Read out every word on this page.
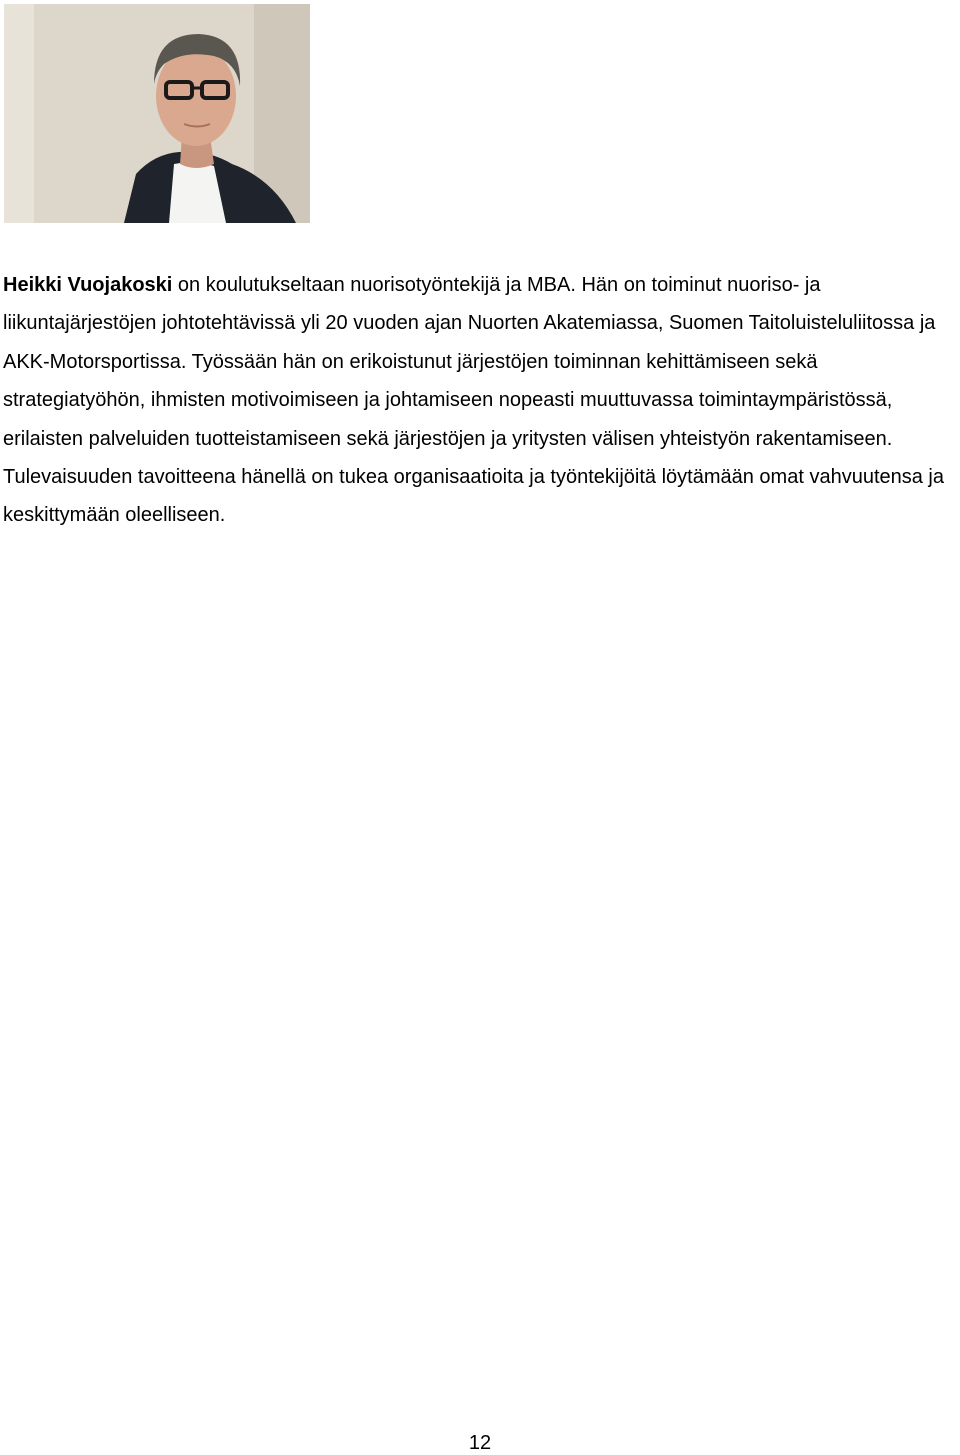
Heikki Vuojakoski on koulutukseltaan nuorisotyöntekijä ja MBA. Hän on toiminut nuoriso- ja liikuntajärjestöjen johtotehtävissä yli 20 vuoden ajan Nuorten Akatemiassa, Suomen Taitoluisteluliitossa ja AKK-Motorsportissa. Työssään hän on erikoistunut järjestöjen toiminnan kehittämiseen sekä strategiatyöhön, ihmisten motivoimiseen ja johtamiseen nopeasti muuttuvassa toimintaympäristössä, erilaisten palveluiden tuotteistamiseen sekä järjestöjen ja yritysten välisen yhteistyön rakentamiseen. Tulevaisuuden tavoitteena hänellä on tukea organisaatioita ja työntekijöitä löytämään omat vahvuutensa ja keskittymään oleelliseen.

12
